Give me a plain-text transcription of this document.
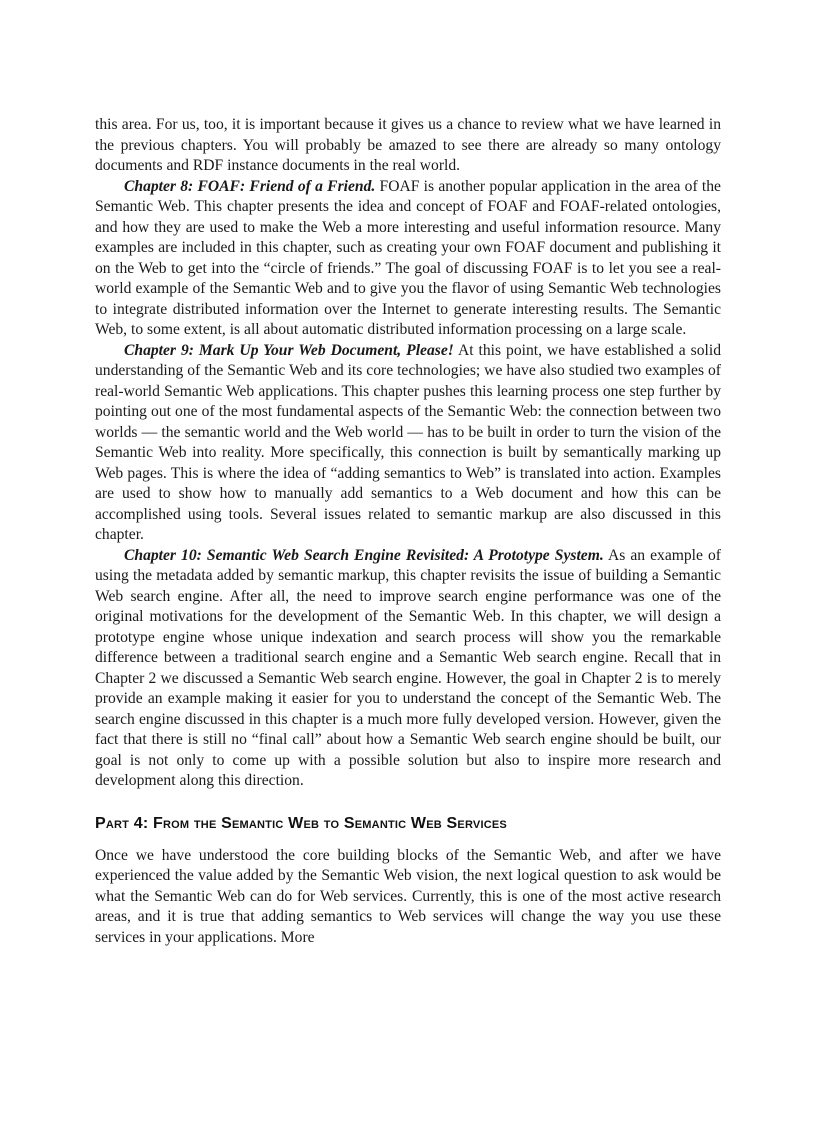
this area. For us, too, it is important because it gives us a chance to review what we have learned in the previous chapters. You will probably be amazed to see there are already so many ontology documents and RDF instance documents in the real world.

Chapter 8: FOAF: Friend of a Friend. FOAF is another popular application in the area of the Semantic Web. This chapter presents the idea and concept of FOAF and FOAF-related ontologies, and how they are used to make the Web a more interesting and useful information resource. Many examples are included in this chapter, such as creating your own FOAF document and publishing it on the Web to get into the “circle of friends.” The goal of discussing FOAF is to let you see a real-world example of the Semantic Web and to give you the flavor of using Semantic Web technologies to integrate distributed information over the Internet to generate interesting results. The Semantic Web, to some extent, is all about automatic distributed information processing on a large scale.

Chapter 9: Mark Up Your Web Document, Please! At this point, we have established a solid understanding of the Semantic Web and its core technologies; we have also studied two examples of real-world Semantic Web applications. This chapter pushes this learning process one step further by pointing out one of the most fundamental aspects of the Semantic Web: the connection between two worlds — the semantic world and the Web world — has to be built in order to turn the vision of the Semantic Web into reality. More specifically, this connection is built by semantically marking up Web pages. This is where the idea of “adding semantics to Web” is translated into action. Examples are used to show how to manually add semantics to a Web document and how this can be accomplished using tools. Several issues related to semantic markup are also discussed in this chapter.

Chapter 10: Semantic Web Search Engine Revisited: A Prototype System. As an example of using the metadata added by semantic markup, this chapter revisits the issue of building a Semantic Web search engine. After all, the need to improve search engine performance was one of the original motivations for the development of the Semantic Web. In this chapter, we will design a prototype engine whose unique indexation and search process will show you the remarkable difference between a traditional search engine and a Semantic Web search engine. Recall that in Chapter 2 we discussed a Semantic Web search engine. However, the goal in Chapter 2 is to merely provide an example making it easier for you to understand the concept of the Semantic Web. The search engine discussed in this chapter is a much more fully developed version. However, given the fact that there is still no “final call” about how a Semantic Web search engine should be built, our goal is not only to come up with a possible solution but also to inspire more research and development along this direction.

Part 4: From the Semantic Web to Semantic Web Services

Once we have understood the core building blocks of the Semantic Web, and after we have experienced the value added by the Semantic Web vision, the next logical question to ask would be what the Semantic Web can do for Web services. Currently, this is one of the most active research areas, and it is true that adding semantics to Web services will change the way you use these services in your applications. More
